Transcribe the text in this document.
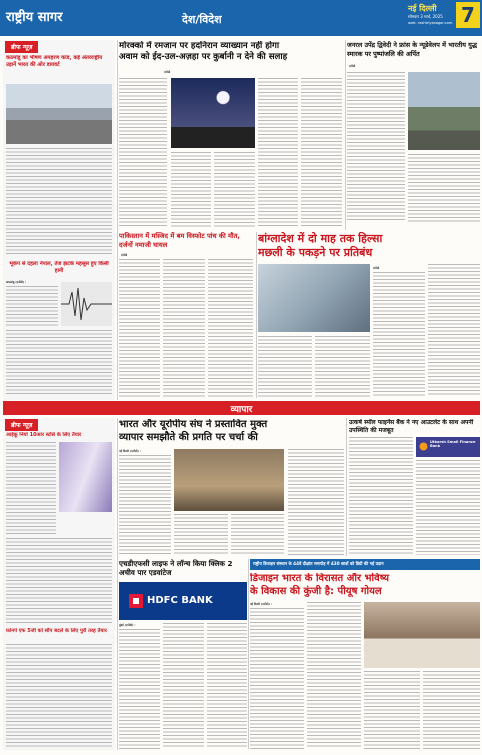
राष्ट्रीय सागर	देश/विदेश
नई दिल्ली
सोमवार 3 मार्च, 2025
web: rashtriyasagar.com 7
ब्रीफ न्यूज़
कठमांडू का भीषण अपहरण कांड, कई अंतरराष्ट्रीय उड़ानें भारत की ओर डायवर्ट
भूकंप से दहला नेपाल, तेज झटके महसूस हुए किसी हानी
काठमांडू (एजेंसी) :
मोरक्को में रमजान पर हदनिरान व्याख्यान नहीं होगा
अवाम को ईद-उल-अज़हा पर कुर्बानी न देने की सलाह
एजेंसी
जनरल उपेंद्र द्विवेदी ने फ्रांस के न्यूडेवेलप में भारतीय युद्ध स्मारक पर पुष्पांजलि की अर्पित
एजेंसी
पाकिस्तान में मस्जिद में बम विस्फोट पांच की मौत, दर्जनों नमाजी घायल
एजेंसी
बांग्लादेश में दो माह तक हिल्सा
मछली के पकड़ने पर प्रतिबंध
एजेंसी
व्यापार
ब्रीफ न्यूज़
आईकू नियो 10आर स्टोर्स के लिए तैयार
फ़ोनपे एफ 5जी को सौंप बदले के लिए पुरी तरह तैयार
भारत और यूरोपीय संघ ने प्रस्तावित मुक्त
व्यापार समझौते की प्रगति पर चर्चा की
नई दिल्ली (एजेंसी) :
उत्कर्ष स्मॉल फाइनेंस बैंक ने नए आउटलेट के साथ अपनी उपस्थिति की मजबूत
Utkarsh Small Finance Bank
एचडीएफसी लाइफ ने लॉन्च किया क्लिक 2 अचीव पार एडवांटेज
HDFC BANK
मुंबई (एजेंसी) :
राष्ट्रीय डिजाइन संस्थान के 44वें दीक्षांत समारोह में 430 छात्रों को डिग्री की गई प्रदान
डिजाइन भारत के विरासत और भविष्य
के विकास की कुंजी है: पीयूष गोयल
नई दिल्ली (एजेंसी) :
